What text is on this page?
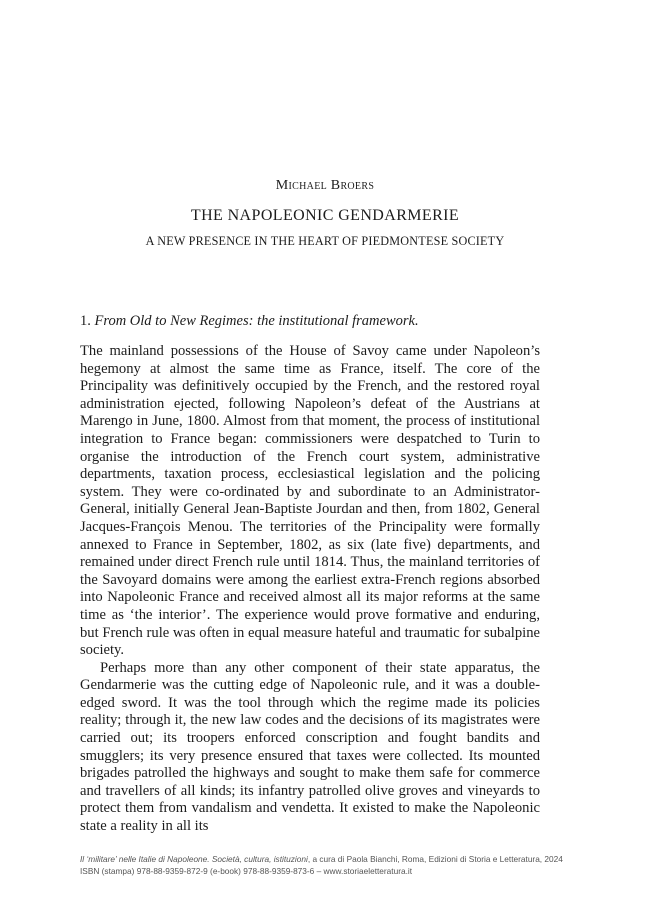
Michael Broers
THE NAPOLEONIC GENDARMERIE
A NEW PRESENCE IN THE HEART OF PIEDMONTESE SOCIETY
1. From Old to New Regimes: the institutional framework.

The mainland possessions of the House of Savoy came under Napoleon’s hegemony at almost the same time as France, itself. The core of the Principality was definitively occupied by the French, and the restored royal administration ejected, following Napoleon’s defeat of the Austrians at Marengo in June, 1800. Almost from that moment, the process of institutional integration to France began: commissioners were despatched to Turin to organise the introduction of the French court system, administrative departments, taxation process, ecclesiastical legislation and the policing system. They were co-ordinated by and subordinate to an Administrator-General, initially General Jean-Baptiste Jourdan and then, from 1802, General Jacques-François Menou. The territories of the Principality were formally annexed to France in September, 1802, as six (late five) departments, and remained under direct French rule until 1814. Thus, the mainland territories of the Savoyard domains were among the earliest extra-French regions absorbed into Napoleonic France and received almost all its major reforms at the same time as ‘the interior’. The experience would prove formative and enduring, but French rule was often in equal measure hateful and traumatic for subalpine society.

Perhaps more than any other component of their state apparatus, the Gendarmerie was the cutting edge of Napoleonic rule, and it was a double-edged sword. It was the tool through which the regime made its policies reality; through it, the new law codes and the decisions of its magistrates were carried out; its troopers enforced conscription and fought bandits and smugglers; its very presence ensured that taxes were collected. Its mounted brigades patrolled the highways and sought to make them safe for commerce and travellers of all kinds; its infantry patrolled olive groves and vineyards to protect them from vandalism and vendetta. It existed to make the Napoleonic state a reality in all its

Il ‘militare’ nelle Italie di Napoleone. Società, cultura, istituzioni, a cura di Paola Bianchi, Roma, Edizioni di Storia e Letteratura, 2024
ISBN (stampa) 978-88-9359-872-9 (e-book) 978-88-9359-873-6 – www.storiaeletteratura.it
